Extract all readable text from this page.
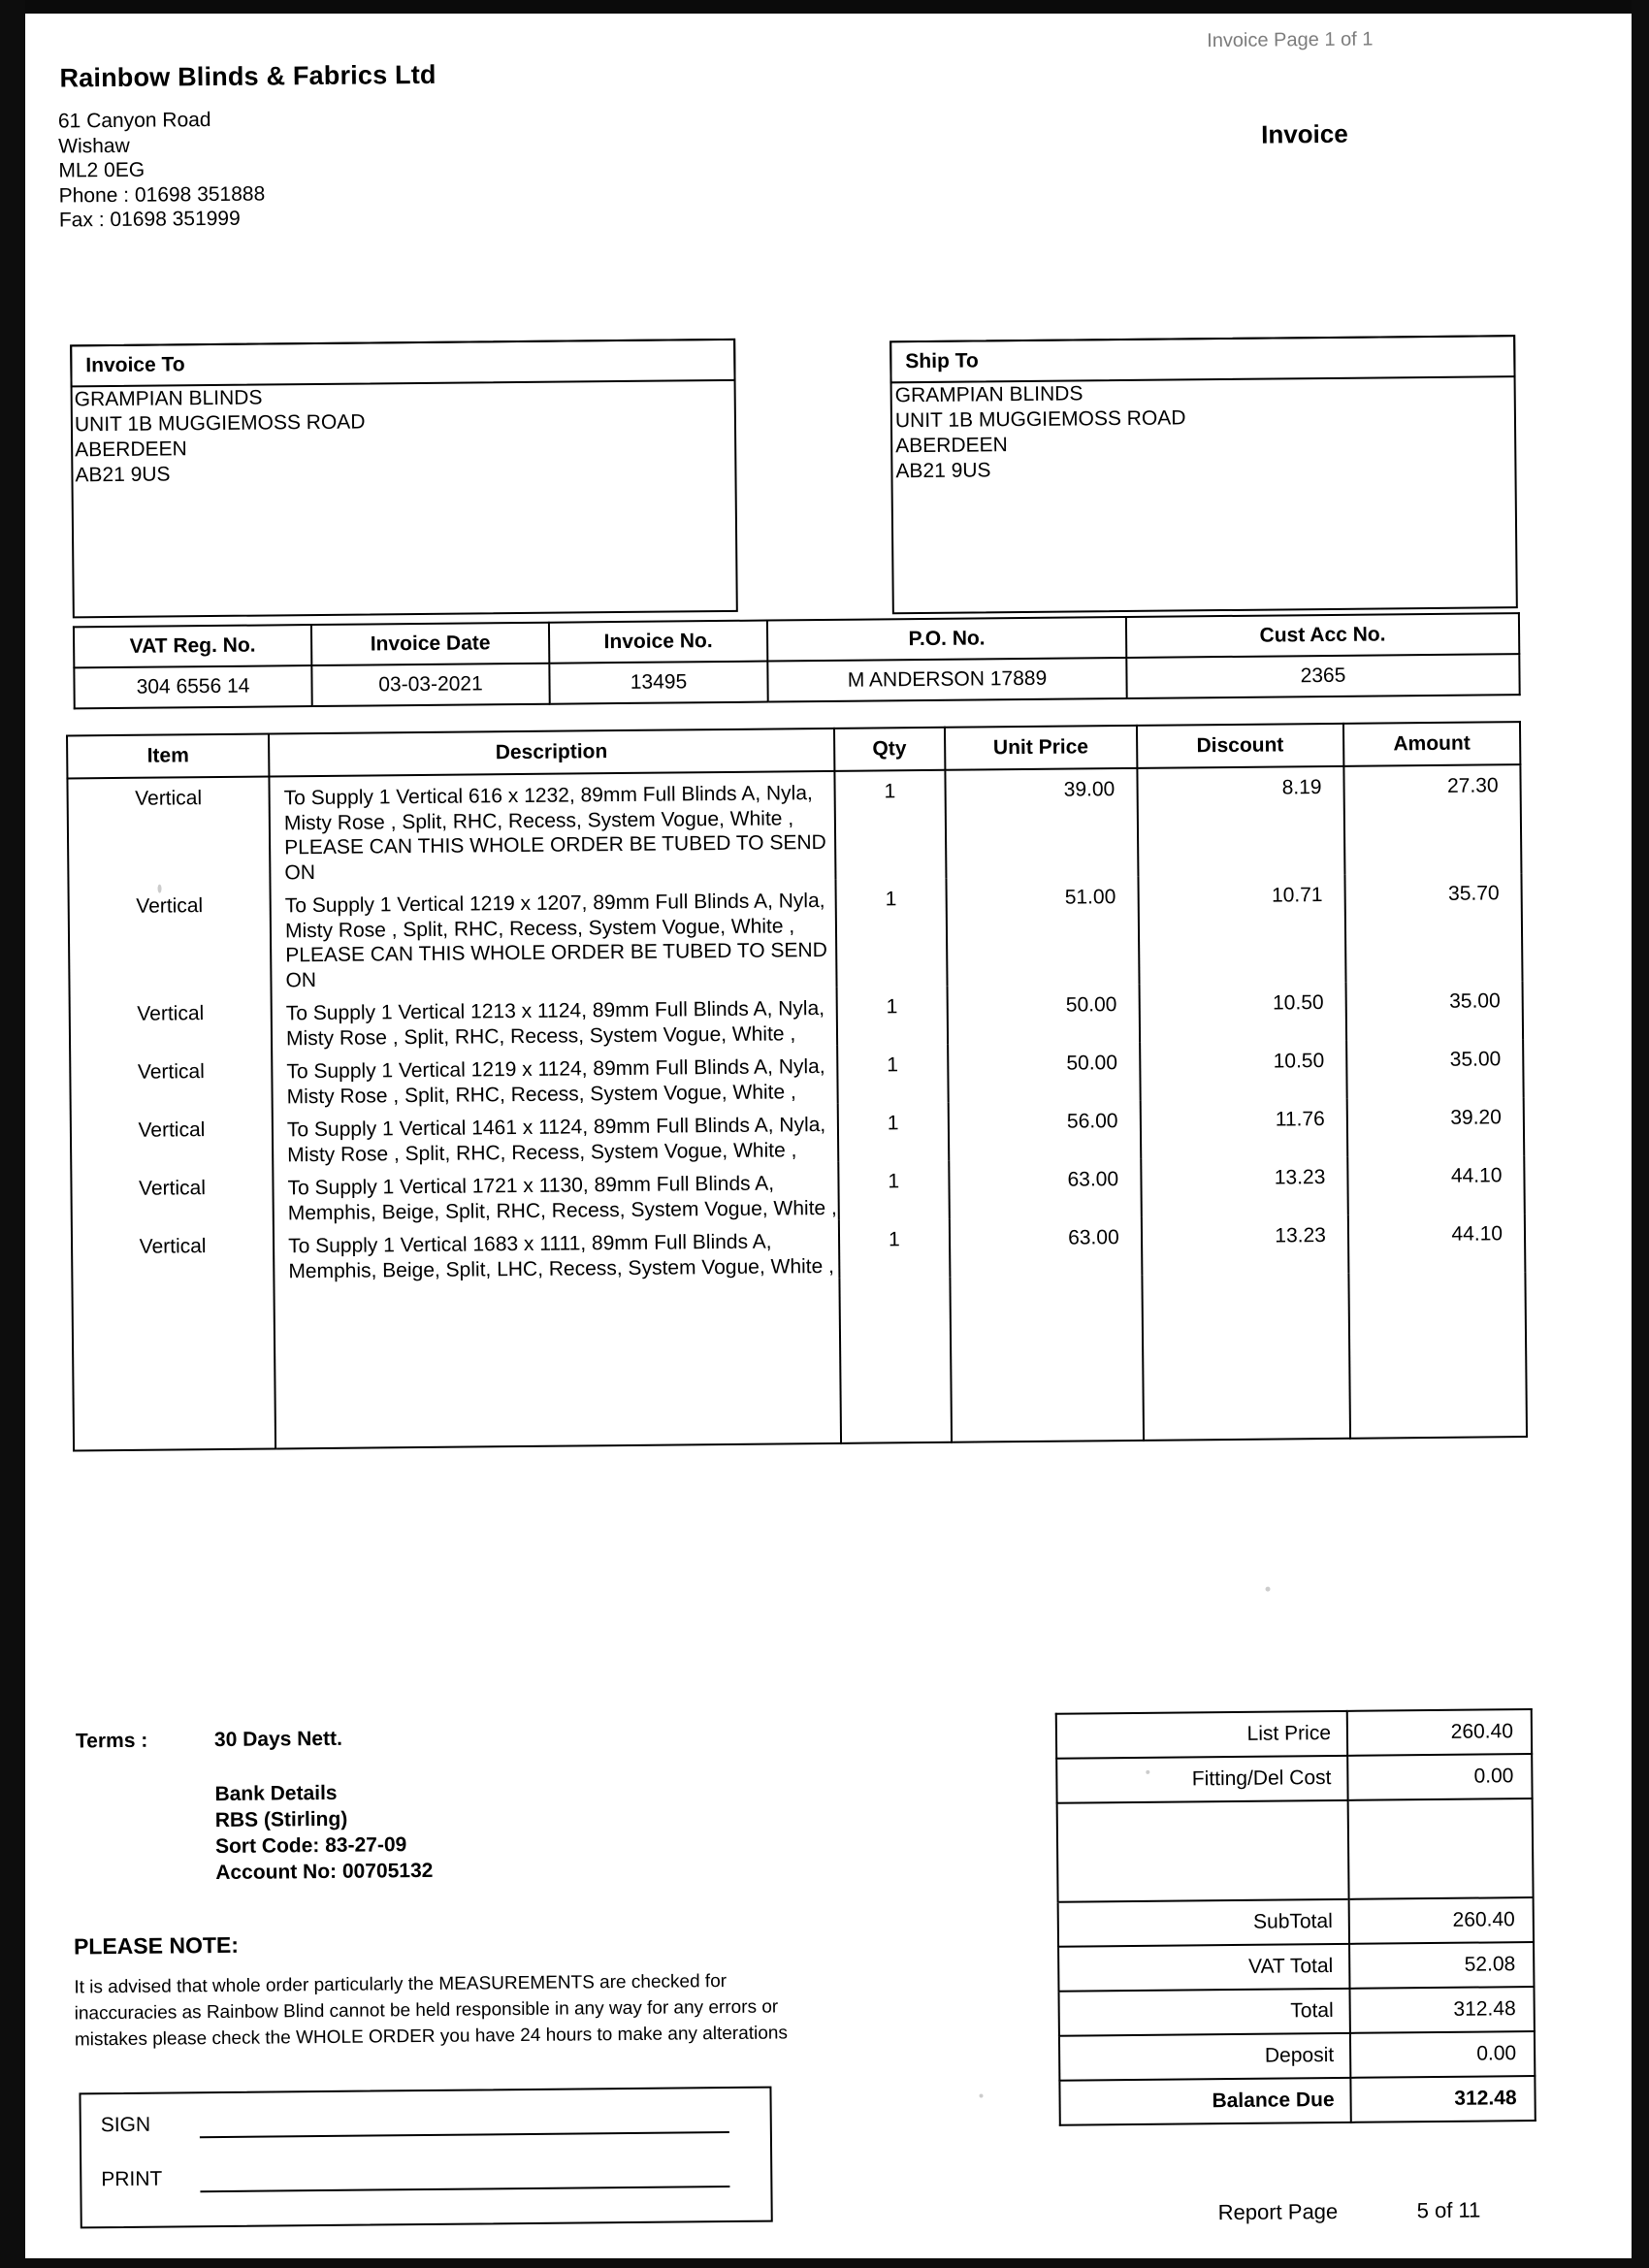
Rainbow Blinds & Fabrics Ltd
61 Canyon Road
Wishaw
ML2 0EG
Phone : 01698 351888
Fax : 01698 351999
Invoice Page 1 of 1
Invoice
Invoice To
GRAMPIAN BLINDS
UNIT 1B MUGGIEMOSS ROAD
ABERDEEN
AB21 9US
Ship To
GRAMPIAN BLINDS
UNIT 1B MUGGIEMOSS ROAD
ABERDEEN
AB21 9US
VAT Reg. No.	Invoice Date	Invoice No.	P.O. No.	Cust Acc No.
304 6556 14	03-03-2021	13495	M ANDERSON 17889	2365
Item	Description	Qty	Unit Price	Discount	Amount
Vertical	To Supply 1 Vertical 616 x 1232, 89mm Full Blinds A, Nyla, Misty Rose , Split, RHC, Recess, System Vogue, White , PLEASE CAN THIS WHOLE ORDER BE TUBED TO SEND ON	1	39.00	8.19	27.30
Vertical	To Supply 1 Vertical 1219 x 1207, 89mm Full Blinds A, Nyla, Misty Rose , Split, RHC, Recess, System Vogue, White , PLEASE CAN THIS WHOLE ORDER BE TUBED TO SEND ON	1	51.00	10.71	35.70
Vertical	To Supply 1 Vertical 1213 x 1124, 89mm Full Blinds A, Nyla, Misty Rose , Split, RHC, Recess, System Vogue, White ,	1	50.00	10.50	35.00
Vertical	To Supply 1 Vertical 1219 x 1124, 89mm Full Blinds A, Nyla, Misty Rose , Split, RHC, Recess, System Vogue, White ,	1	50.00	10.50	35.00
Vertical	To Supply 1 Vertical 1461 x 1124, 89mm Full Blinds A, Nyla, Misty Rose , Split, RHC, Recess, System Vogue, White ,	1	56.00	11.76	39.20
Vertical	To Supply 1 Vertical 1721 x 1130, 89mm Full Blinds A, Memphis, Beige, Split, RHC, Recess, System Vogue, White ,	1	63.00	13.23	44.10
Vertical	To Supply 1 Vertical 1683 x 1111, 89mm Full Blinds A, Memphis, Beige, Split, LHC, Recess, System Vogue, White ,	1	63.00	13.23	44.10

Terms :	30 Days Nett.
Bank Details
RBS (Stirling)
Sort Code: 83-27-09
Account No: 00705132
PLEASE NOTE:
It is advised that whole order particularly the MEASUREMENTS are checked for
inaccuracies as Rainbow Blind cannot be held responsible in any way for any errors or
mistakes please check the WHOLE ORDER you have 24 hours to make any alterations
SIGN
PRINT
List Price	260.40
Fitting/Del Cost	0.00

SubTotal	260.40
VAT Total	52.08
Total	312.48
Deposit	0.00
Balance Due	312.48
Report Page	5 of 11
